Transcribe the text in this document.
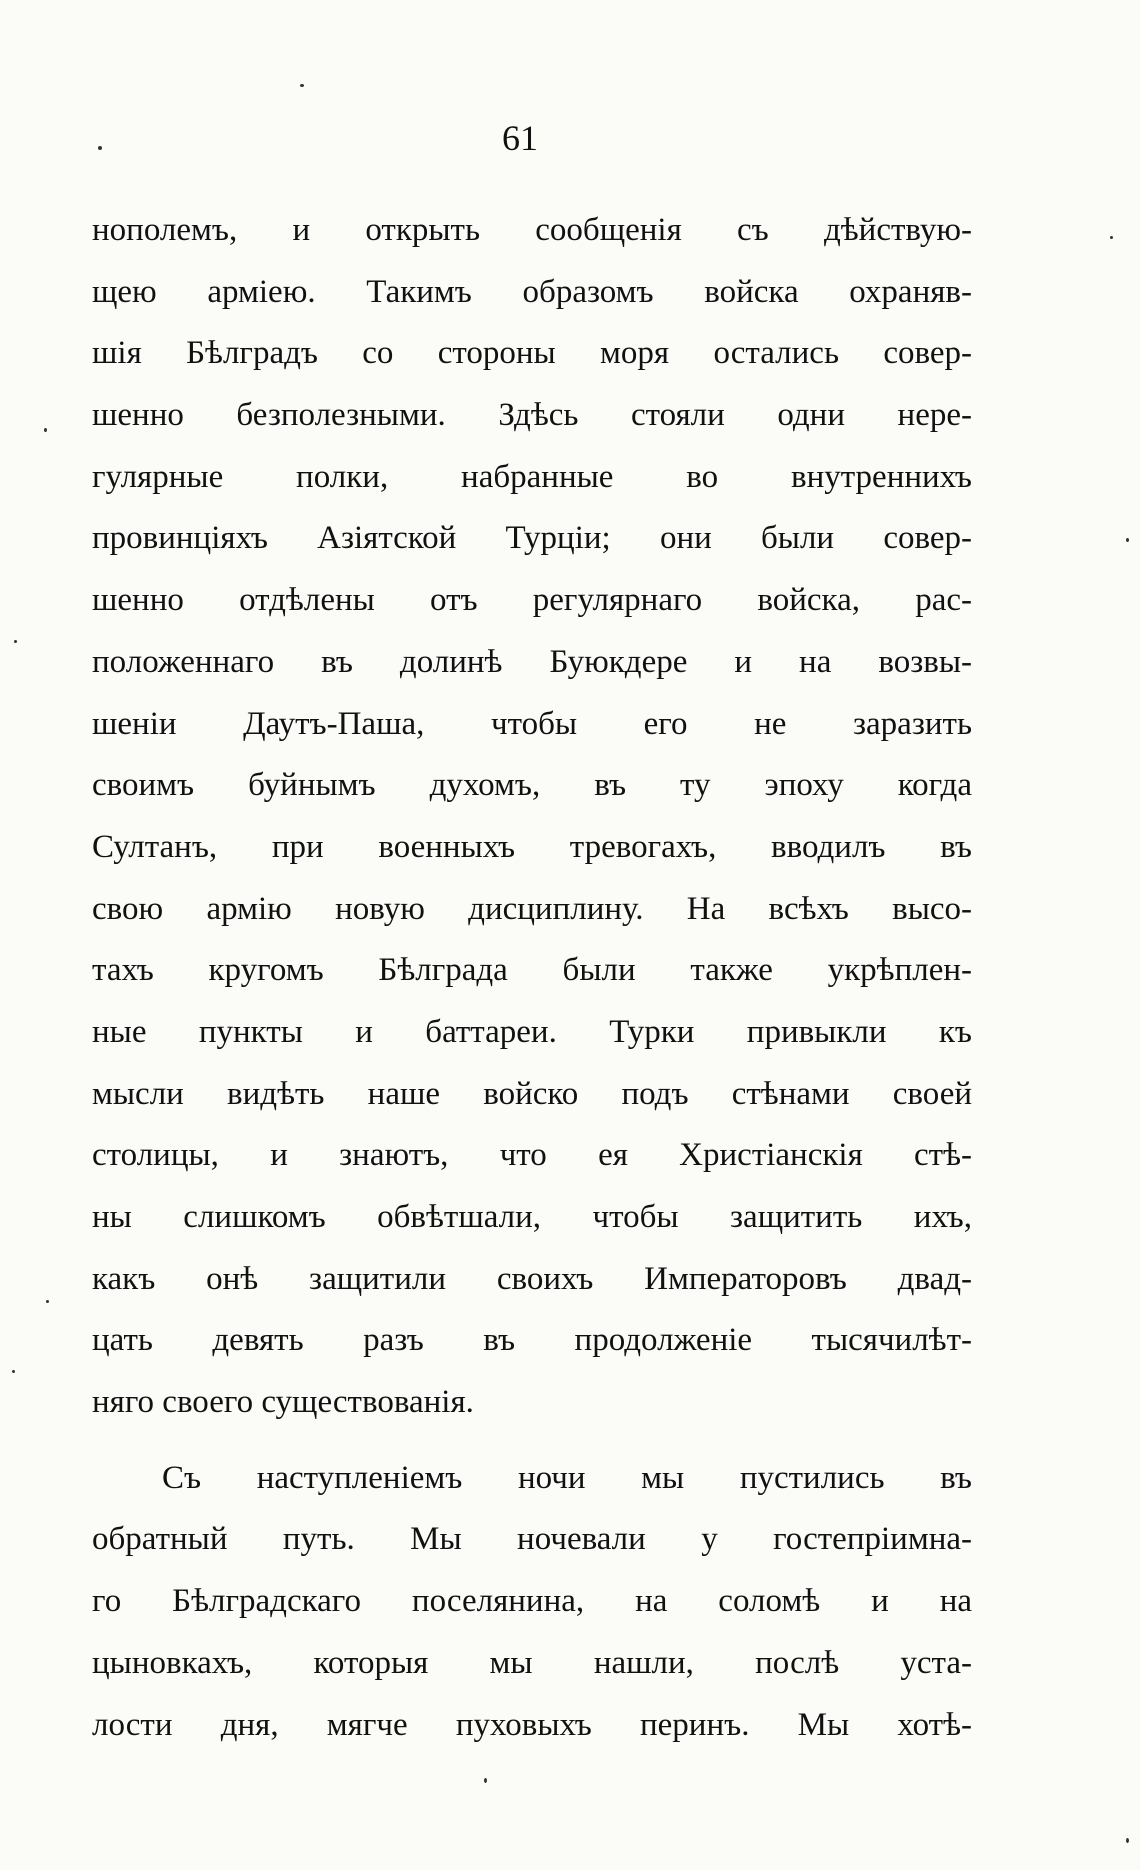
61
нополемъ, и открыть сообщенія съ дѣйствую-
щею арміею. Такимъ образомъ войска охраняв-
шія Бѣлградъ со стороны моря остались совер-
шенно безполезными. Здѣсь стояли одни нере-
гулярные полки, набранные во внутреннихъ
провинціяхъ Азіятской Турціи; они были совер-
шенно отдѣлены отъ регулярнаго войска, рас-
положеннаго въ долинѣ Буюкдере и на возвы-
шеніи Даутъ-Паша, чтобы его не заразить
своимъ буйнымъ духомъ, въ ту эпоху когда
Султанъ, при военныхъ тревогахъ, вводилъ въ
свою армію новую дисциплину. На всѣхъ высо-
тахъ кругомъ Бѣлграда были также укрѣплен-
ные пункты и баттареи. Турки привыкли къ
мысли видѣть наше войско подъ стѣнами своей
столицы, и знаютъ, что ея Христіанскія стѣ-
ны слишкомъ обвѣтшали, чтобы защитить ихъ,
какъ онѣ защитили своихъ Императоровъ двад-
цать девять разъ въ продолженіе тысячилѣт-
няго своего существованія.
Съ наступленіемъ ночи мы пустились въ
обратный путь. Мы ночевали у гостепріимна-
го Бѣлградскаго поселянина, на соломѣ и на
цыновкахъ, которыя мы нашли, послѣ уста-
лости дня, мягче пуховыхъ перинъ. Мы хотѣ-
